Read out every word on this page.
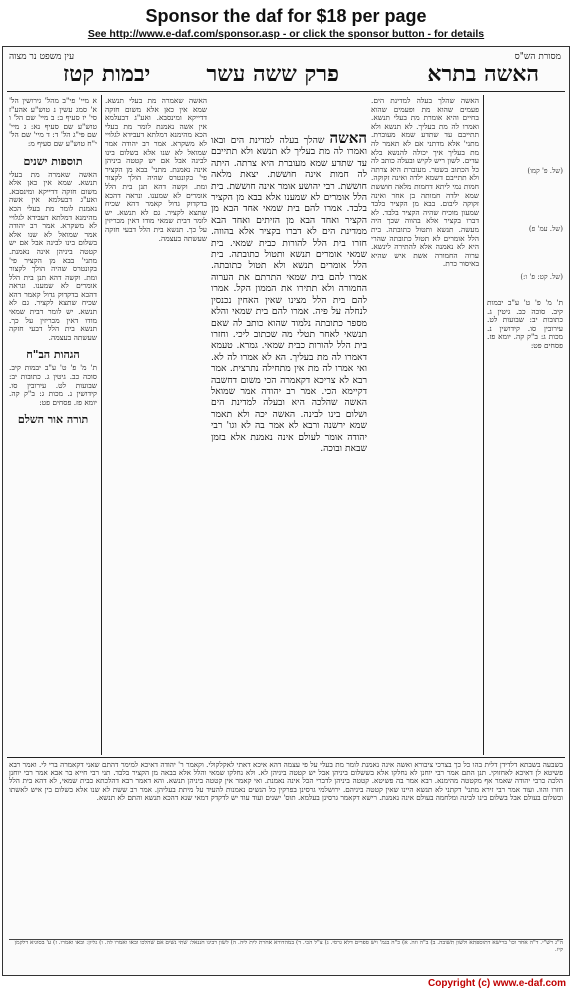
Sponsor the daf for $18 per page
See http://www.e-daf.com/sponsor.asp - or click the sponsor button - for details
מסורת הש"ס
עין משפט נר מצוה
האשה בתרא
פרק ששה עשר
יבמות קטז
(של. פ' קמו)
(של. עמ' פ)
(של. קט: פ' ו:)
ת' מ' פ' ט' ע"ב יבמות קיב. סוכה כב. גיטין ג. כתובות יב: שבועות לט. עירובין סו. קידושין נ. מכות ג: ב"ק קה. יומא פז. פסחים פט:
האשה שהלך בעלה למדינת הים. פעמים שהוא מת ופעמים שהוא בחיים והיא אומרת מת בעלי תנשא. ואמרו לה מת בעליך. לא תנשא ולא תתייבם עד שתדע שמא מעוברת. מתני' אלא מדתני אם לא תאמר לה מת בעליך איך יכולה להנשא בלא עדים. לשון ריש לקיש ובעלה כותב לה כל הכתוב בשטר. מעוברת היא צרתה ולא תתייבם דשמא ילדה ואינה זקוקה. חמות נמי ליתא דחמות מלאה חוששת שמא ילדה חמותה בן אחר ואינה זקוקה ליבום. בבא מן הקציר בלבד שמעון מוכיח שהיה הקציר בלבד. לא דברו בקציר אלא בהווה שכך היה מעשה. תנשא ותטול כתובתה. בית הלל אומרים לא תטול כתובתה שהרי היא לא נאמנה אלא להתירה לינשא. ערוה החמורה אשת איש שהיא באיסור כרת.
האשה שהלך בעלה למדינת הים ובאו ואמרו לה מת בעליך לא תנשא ולא תתייבם עד שתדע שמא מעוברת היא צרתה. היתה לה חמות אינה חוששת. יצאת מלאה חוששת. רבי יהושע אומר אינה חוששת. בית הלל אומרים לא שמענו אלא בבא מן הקציר בלבד. אמרו להם בית שמאי אחד הבא מן הקציר ואחד הבא מן הזיתים ואחד הבא ממדינת הים לא דברו בקציר אלא בהווה. חזרו בית הלל להורות כבית שמאי. בית שמאי אומרים תנשא ותטול כתובתה. בית הלל אומרים תנשא ולא תטול כתובתה. אמרו להם בית שמאי התרתם את הערוה החמורה ולא תתירו את הממון הקל. אמרו להם בית הלל מצינו שאין האחין נכנסין לנחלה על פיה. אמרו להם בית שמאי והלא מספר כתובתה נלמוד שהוא כותב לה שאם תנשאי לאחר תטלי מה שכתוב ליכי. וחזרו בית הלל להורות כבית שמאי. גמרא. טעמא דאמרו לה מת בעליך. הא לא אמרו לה לא. ואי אמרו לה מת אין מתחילה נתרצית. אמר רבא לא צריכא דקאמרה הכי משום דחשבה דקיימא הכי. אמר רב יהודה אמר שמואל האשה שהלכה היא ובעלה למדינת הים ושלום בינו לבינה. האשה יכה ולא תאמר שמא ירשנה ורבא לא אמר בה לא וגו' רבי יהודה אומר לעולם אינה נאמנת אלא בזמן שבאת ובוכה.
האשה שאמרה מת בעלי תנשא. שמא אין כאן אלא משום חזקה דדייקא ומינסבא. ואע"ג דבעלמא אין אשה נאמנת לומר מת בעלי הכא מהימנא דמלתא דעבידא לגלויי לא משקרא. אמר רב יהודה אמר שמואל לא שנו אלא בשלום בינו לבינה אבל אם יש קטטה ביניהן אינה נאמנת. מתני' בבא מן הקציר פי' בקונטרס שהיה הולך לקצור ומת. וקשה דהא תנן בית הלל אומרים לא שמענו. ונראה דהכא בדקדוק גדול קאמר דהא שכיח שתצא לקציר. גם לא תנשא. יש לומר דבית שמאי מודו דאין מכריזין על כך. תנשא בית הלל דבעי חזקה שעשתה בעצמה.
א מיי' פי"ב מהל' גירושין הל' א' סמג עשין נ טוש"ע אהע"ז סי' יז סעיף ב: ב מיי' שם הל' ו טוש"ע שם סעיף נא: ג מיי' שם פי"ג הל' ד: ד מיי' שם הל' י"ח טוש"ע שם סעיף מ:
תוספות ישנים
האשה שאמרה מת בעלי תנשא. שמא אין כאן אלא משום חזקה דדייקא ומינסבא. ואע"ג דבעלמא אין אשה נאמנת לומר מת בעלי הכא מהימנא דמלתא דעבידא לגלויי לא משקרא. אמר רב יהודה אמר שמואל לא שנו אלא בשלום בינו לבינה אבל אם יש קטטה ביניהן אינה נאמנת. מתני' בבא מן הקציר פי' בקונטרס שהיה הולך לקצור ומת. וקשה דהא תנן בית הלל אומרים לא שמענו. ונראה דהכא בדקדוק גדול קאמר דהא שכיח שתצא לקציר. גם לא תנשא. יש לומר דבית שמאי מודו דאין מכריזין על כך. תנשא בית הלל דבעי חזקה שעשתה בעצמה.
הגהות הב"ח
ת' מ' פ' ט' ע"ב יבמות קיב. סוכה כב. גיטין ג. כתובות יב: שבועות לט. עירובין סו. קידושין נ. מכות ג: ב"ק קה. יומא פז. פסחים פט:
תורה אור השלם
בשבעה בשבתא דלדידן דלית בהו כל כך בצרכי ציבורא ואשה אינה נאמנת לומר מת בעלי על פי עצמה דהא איכא דאתי לאקלקולי. וקאמר ר' יהודה דאיכא למימר דהתם שאני דקאמרה ברי לי. ואמר רבא פשיטא לן דאיכא לאחזוקי. תנן התם אמר רבי יוחנן לא נחלקו אלא בששלום ביניהן אבל יש קטטה ביניהן לא. ולא נחלקו שמאי והלל אלא בבאה מן הקציר בלבד. תני רבי חייא בר אבא אמר רבי יוחנן הלכה כרבי יהודה שאמר אף מקטטה מהימנא. רבא אמר בה פשיטא. קטטה ביניהן לדברי הכל אינה נאמנת. ואי קאמר אין קטטה ביניהן תנשא. והא דאמר רבא דהלכתא כבית שמאי, לא דהא בית הלל חזרו והוו. ועוד אמר רבי זירא מתני' דקתני לא תנשא היינו שאין קטטה ביניהם. ירושלמי גרסינן בפרקין כל הנשים נאמנות להעיד על מיתת בעליהן. אמר רב ששת לא שנו אלא בשלום בין איש לאשתו ובשלום בעולם אבל בשלום בינו לבינה ומלחמה בעולם אינה נאמנת. רישא דקאמר גרסינן בעלמא. תוס' ישנים ועוד עוד יש לדקדק דמאי שנא דהכא תנשא והתם לא תנשא.
ה"ג רש"י. ד"ה אחד וכו' ברישא דתוספתא ולשון תשובה. ב) ב"ה וזה. א) כ"ה בגמ' ויש ספרים דלא גרסי. ג) צ"ל הכי. ד) במהדורא אחרת לית ליה. ה) לשון רבינו חננאל: שתי נשים אם שהלכו ובאו ואמרו לה. ו) גליון: ובאו ואמרו. ז) ע' בסוגיא דלקמן קיז.
Copyright (c) www.e-daf.com
